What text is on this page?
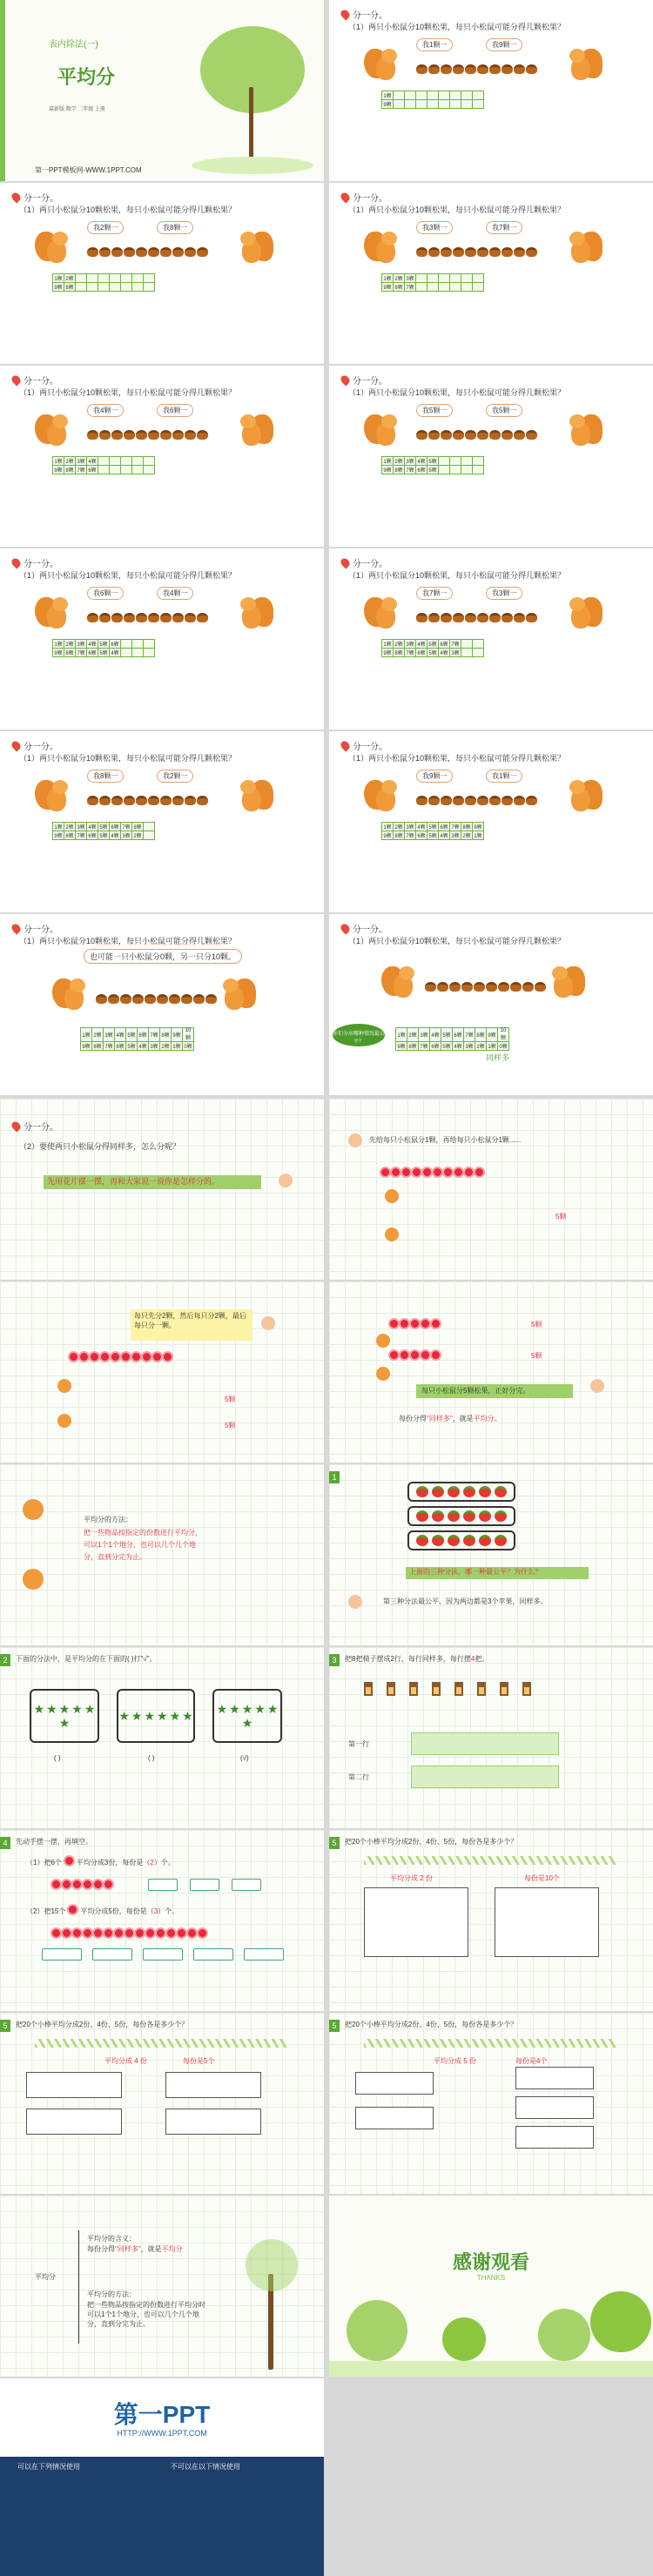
表内除法(一)
平均分
嘉新版 数学 二年级 上册
第一PPT模板网-WWW.1PPT.COM
分一分。
（1）两只小松鼠分10颗松果，每只小松鼠可能分得几颗松果？
我1颗一	我9颗一
1颗								
9颗								
分一分。
（1）两只小松鼠分10颗松果，每只小松鼠可能分得几颗松果？
我2颗一	我8颗一
1颗	2颗							
9颗	8颗							
分一分。
（1）两只小松鼠分10颗松果，每只小松鼠可能分得几颗松果？
我3颗一	我7颗一
1颗	2颗	3颗						
9颗	8颗	7颗						
分一分。
（1）两只小松鼠分10颗松果，每只小松鼠可能分得几颗松果？
我4颗一	我6颗一
1颗	2颗	3颗	4颗					
9颗	8颗	7颗	6颗					
分一分。
（1）两只小松鼠分10颗松果，每只小松鼠可能分得几颗松果？
我5颗一	我5颗一
1颗	2颗	3颗	4颗	5颗				
9颗	8颗	7颗	6颗	5颗				
分一分。
（1）两只小松鼠分10颗松果，每只小松鼠可能分得几颗松果？
我6颗一	我4颗一
1颗	2颗	3颗	4颗	5颗	6颗			
9颗	8颗	7颗	6颗	5颗	4颗			
分一分。
（1）两只小松鼠分10颗松果，每只小松鼠可能分得几颗松果？
我7颗一	我3颗一
1颗	2颗	3颗	4颗	5颗	6颗	7颗		
9颗	8颗	7颗	6颗	5颗	4颗	3颗		
分一分。
（1）两只小松鼠分10颗松果，每只小松鼠可能分得几颗松果？
我8颗一	我2颗一
1颗	2颗	3颗	4颗	5颗	6颗	7颗	8颗	
9颗	8颗	7颗	6颗	5颗	4颗	3颗	2颗	
分一分。
（1）两只小松鼠分10颗松果，每只小松鼠可能分得几颗松果？
我9颗一	我1颗一
1颗	2颗	3颗	4颗	5颗	6颗	7颗	8颗	9颗
9颗	8颗	7颗	6颗	5颗	4颗	3颗	2颗	1颗
分一分。
（1）两只小松鼠分10颗松果，每只小松鼠可能分得几颗松果？
也可能一只小松鼠分0颗，另一只分10颗。
1颗	2颗	3颗	4颗	5颗	6颗	7颗	8颗	9颗	10颗
9颗	8颗	7颗	6颗	5颗	4颗	3颗	2颗	1颗	0颗
分一分。
（1）两只小松鼠分10颗松果，每只小松鼠可能分得几颗松果？
你们分出哪种情况最公平？
1颗	2颗	3颗	4颗	5颗	6颗	7颗	8颗	9颗	10颗
9颗	8颗	7颗	6颗	5颗	4颗	3颗	2颗	1颗	0颗
同样多
分一分。
（2）要使两只小松鼠分得同样多，怎么分呢？
先用花片摆一摆，再和大家说一说你是怎样分的。
先给每只小松鼠分1颗，再给每只小松鼠分1颗......
5颗
每只先分2颗，然后每只分2颗，最后每只分一颗。
5颗
5颗
5颗
5颗
每只小松鼠分5颗松果，正好分完。
每份分得"同样多"，就是平均分。
平均分的方法：
把一些物品按指定的份数进行平均分，可以1个1个地分，也可以几个几个地分，直到分完为止。
1
上面的三种分法，哪一种最公平？为什么？
第三种分法最公平，因为两边都是3个苹果，同样多。
2	下面的分法中，是平均分的在下面的( )打"√"。
★ ★ ★ ★ ★
★	★ ★ ★ ★ ★ ★ ★ ★ ★ ★ ★
★
( )	( )	(√)
3	把8把椅子摆成2行，每行同样多，每行摆4把。
第一行
第二行
4	先动手摆一摆，再填空。
（1）把6个 平均分成3份，每份是（2）个。
（2）把15个 平均分成5份，每份是（3）个。
5	把20个小棒平均分成2份、4份、5份，每份各是多少个？
平均分成 2 份	每份是10个
5	把20个小棒平均分成2份、4份、5份，每份各是多少个？
平均分成 4 份	每份是5个
5	把20个小棒平均分成2份、4份、5份，每份各是多少个？
平均分成 5 份	每份是4个
平均分
平均分的含义：
每份分得"同样多"，就是平均分
平均分的方法：
把一些物品按指定的份数进行平均分时可以1个1个地分，也可以几个几个地分，直到分完为止。
感谢观看
THANKS
第一PPT
HTTP://WWW.1PPT.COM
可以在下列情况使用	不可以在以下情况使用
